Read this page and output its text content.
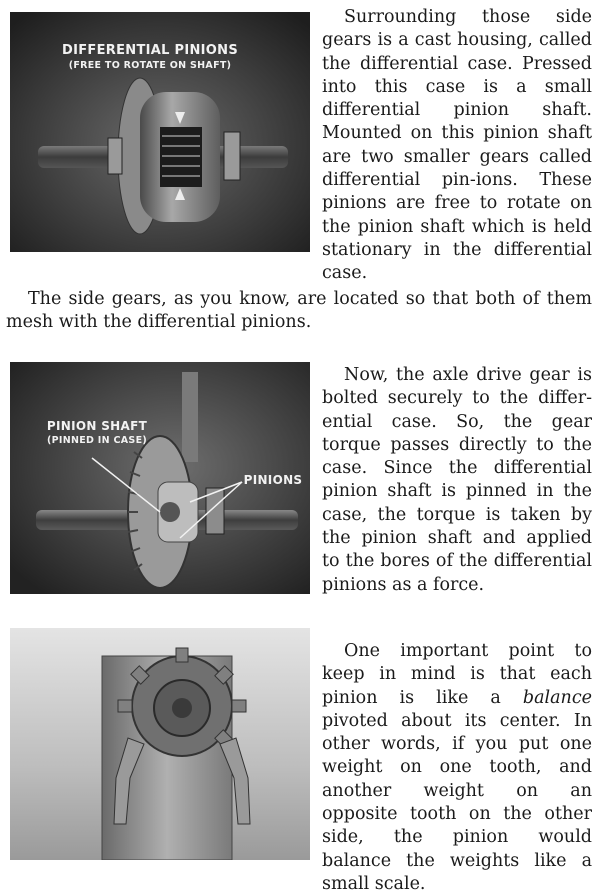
DIFFERENTIAL PINIONS
(FREE TO ROTATE ON SHAFT)

Surrounding those side gears is a cast housing, called the differential case. Pressed into this case is a small differential pinion shaft. Mounted on this pinion shaft are two smaller gears called differential pin-ions. These pinions are free to rotate on the pinion shaft which is held stationary in the differential case.

The side gears, as you know, are located so that both of them mesh with the differential pinions.

PINION SHAFT
(PINNED IN CASE)
PINIONS

Now, the axle drive gear is bolted securely to the differ-ential case. So, the gear torque passes directly to the case. Since the differential pinion shaft is pinned in the case, the torque is taken by the pinion shaft and applied to the bores of the differential pinions as a force.

One important point to keep in mind is that each pinion is like a balance pivoted about its center. In other words, if you put one weight on one tooth, and another weight on an opposite tooth on the other side, the pinion would balance the weights like a small scale.
